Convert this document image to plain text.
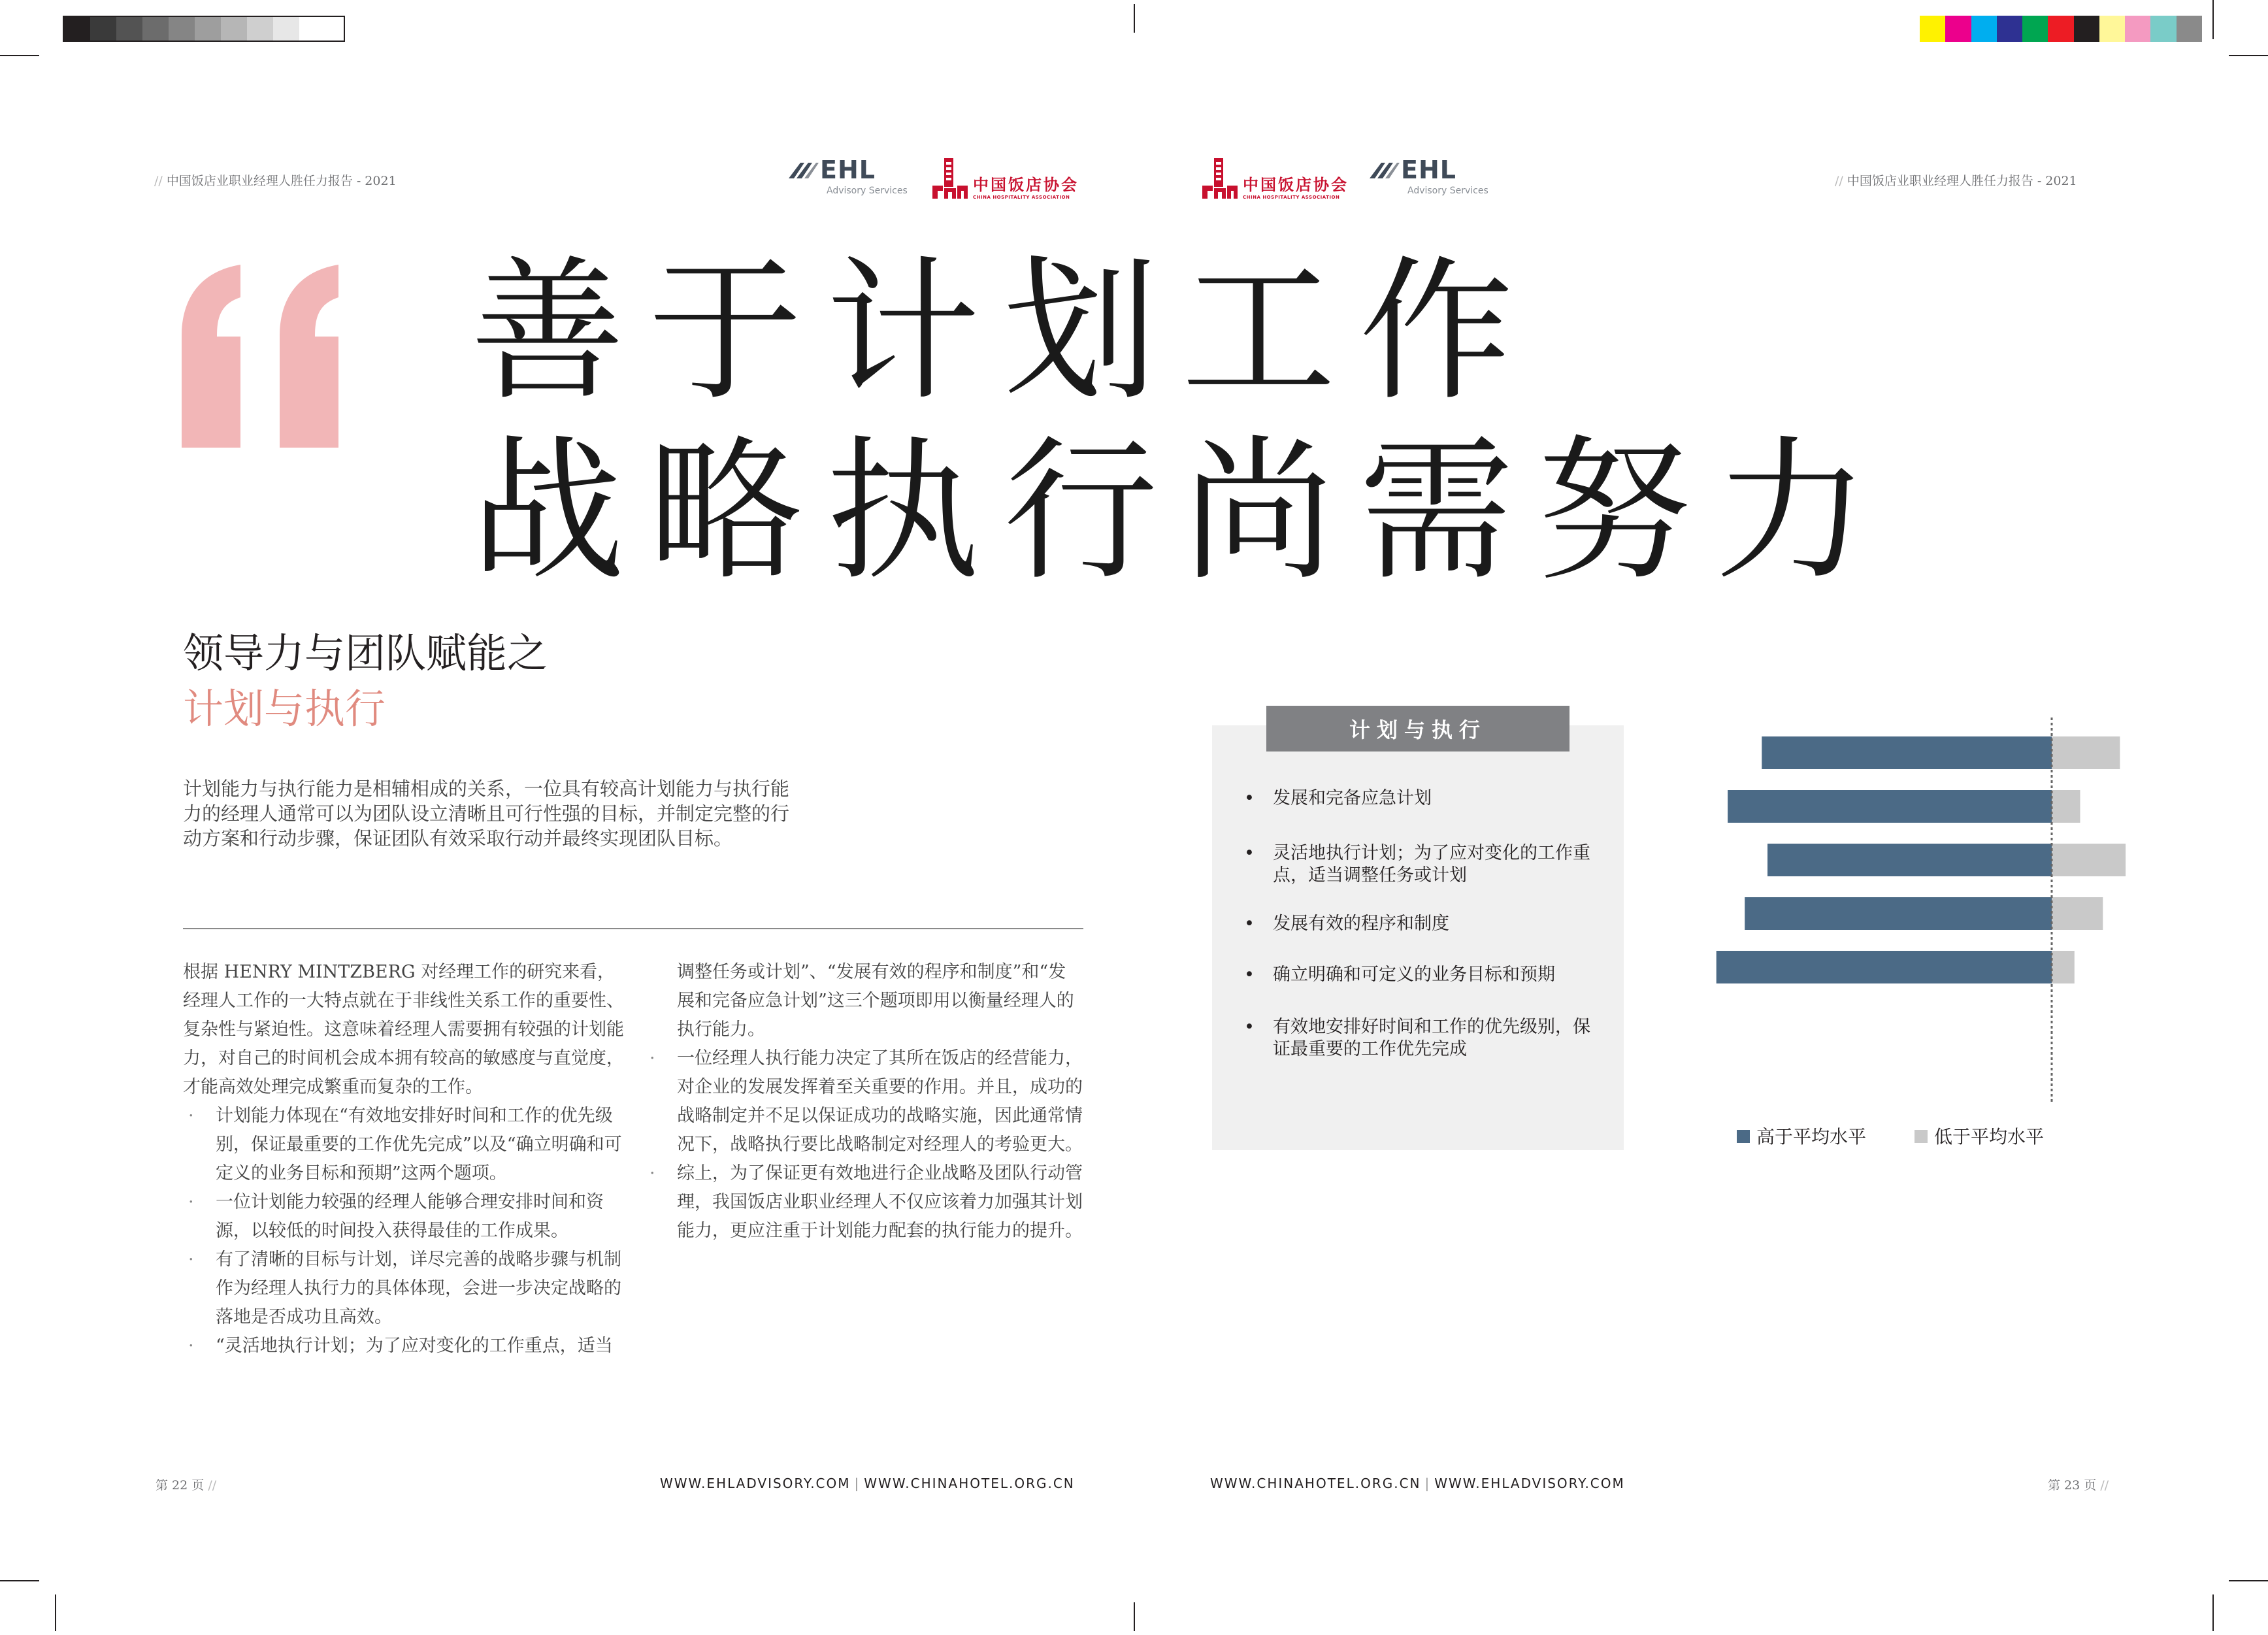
// 中国饭店业职业经理人胜任力报告 - 2021	// 中国饭店业职业经理人胜任力报告 - 2021
EHL
Advisory Services	中国饭店协会
CHINA HOSPITALITY ASSOCIATION
中国饭店协会
CHINA HOSPITALITY ASSOCIATION
EHL
Advisory Services
善于计划工作
战略执行尚需努力
领导力与团队赋能之
计划与执行
计划能力与执行能力是相辅相成的关系，一位具有较高计划能力与执行能力的经理人通常可以为团队设立清晰且可行性强的目标，并制定完整的行动方案和行动步骤，保证团队有效采取行动并最终实现团队目标。

根据 HENRY MINTZBERG 对经理工作的研究来看，经理人工作的一大特点就在于非线性关系工作的重要性、复杂性与紧迫性。这意味着经理人需要拥有较强的计划能力，对自己的时间机会成本拥有较高的敏感度与直觉度，才能高效处理完成繁重而复杂的工作。

· 计划能力体现在“有效地安排好时间和工作的优先级别，保证最重要的工作优先完成”以及“确立明确和可定义的业务目标和预期”这两个题项。
· 一位计划能力较强的经理人能够合理安排时间和资源，以较低的时间投入获得最佳的工作成果。
· 有了清晰的目标与计划，详尽完善的战略步骤与机制作为经理人执行力的具体体现，会进一步决定战略的落地是否成功且高效。
· “灵活地执行计划；为了应对变化的工作重点，适当

调整任务或计划”、“发展有效的程序和制度”和“发展和完备应急计划”这三个题项即用以衡量经理人的执行能力。

· 一位经理人执行能力决定了其所在饭店的经营能力，对企业的发展发挥着至关重要的作用。并且，成功的战略制定并不足以保证成功的战略实施，因此通常情况下，战略执行要比战略制定对经理人的考验更大。
· 综上，为了保证更有效地进行企业战略及团队行动管理，我国饭店业职业经理人不仅应该着力加强其计划能力，更应注重于计划能力配套的执行能力的提升。
计划与执行
• 发展和完备应急计划
• 灵活地执行计划；为了应对变化的工作重点，适当调整任务或计划
• 发展有效的程序和制度
• 确立明确和可定义的业务目标和预期
• 有效地安排好时间和工作的优先级别，保证最重要的工作优先完成
高于平均水平	低于平均水平
第 22 页 //	WWW.EHLADVISORY.COM | WWW.CHINAHOTEL.ORG.CN	WWW.CHINAHOTEL.ORG.CN | WWW.EHLADVISORY.COM	第 23 页 //
